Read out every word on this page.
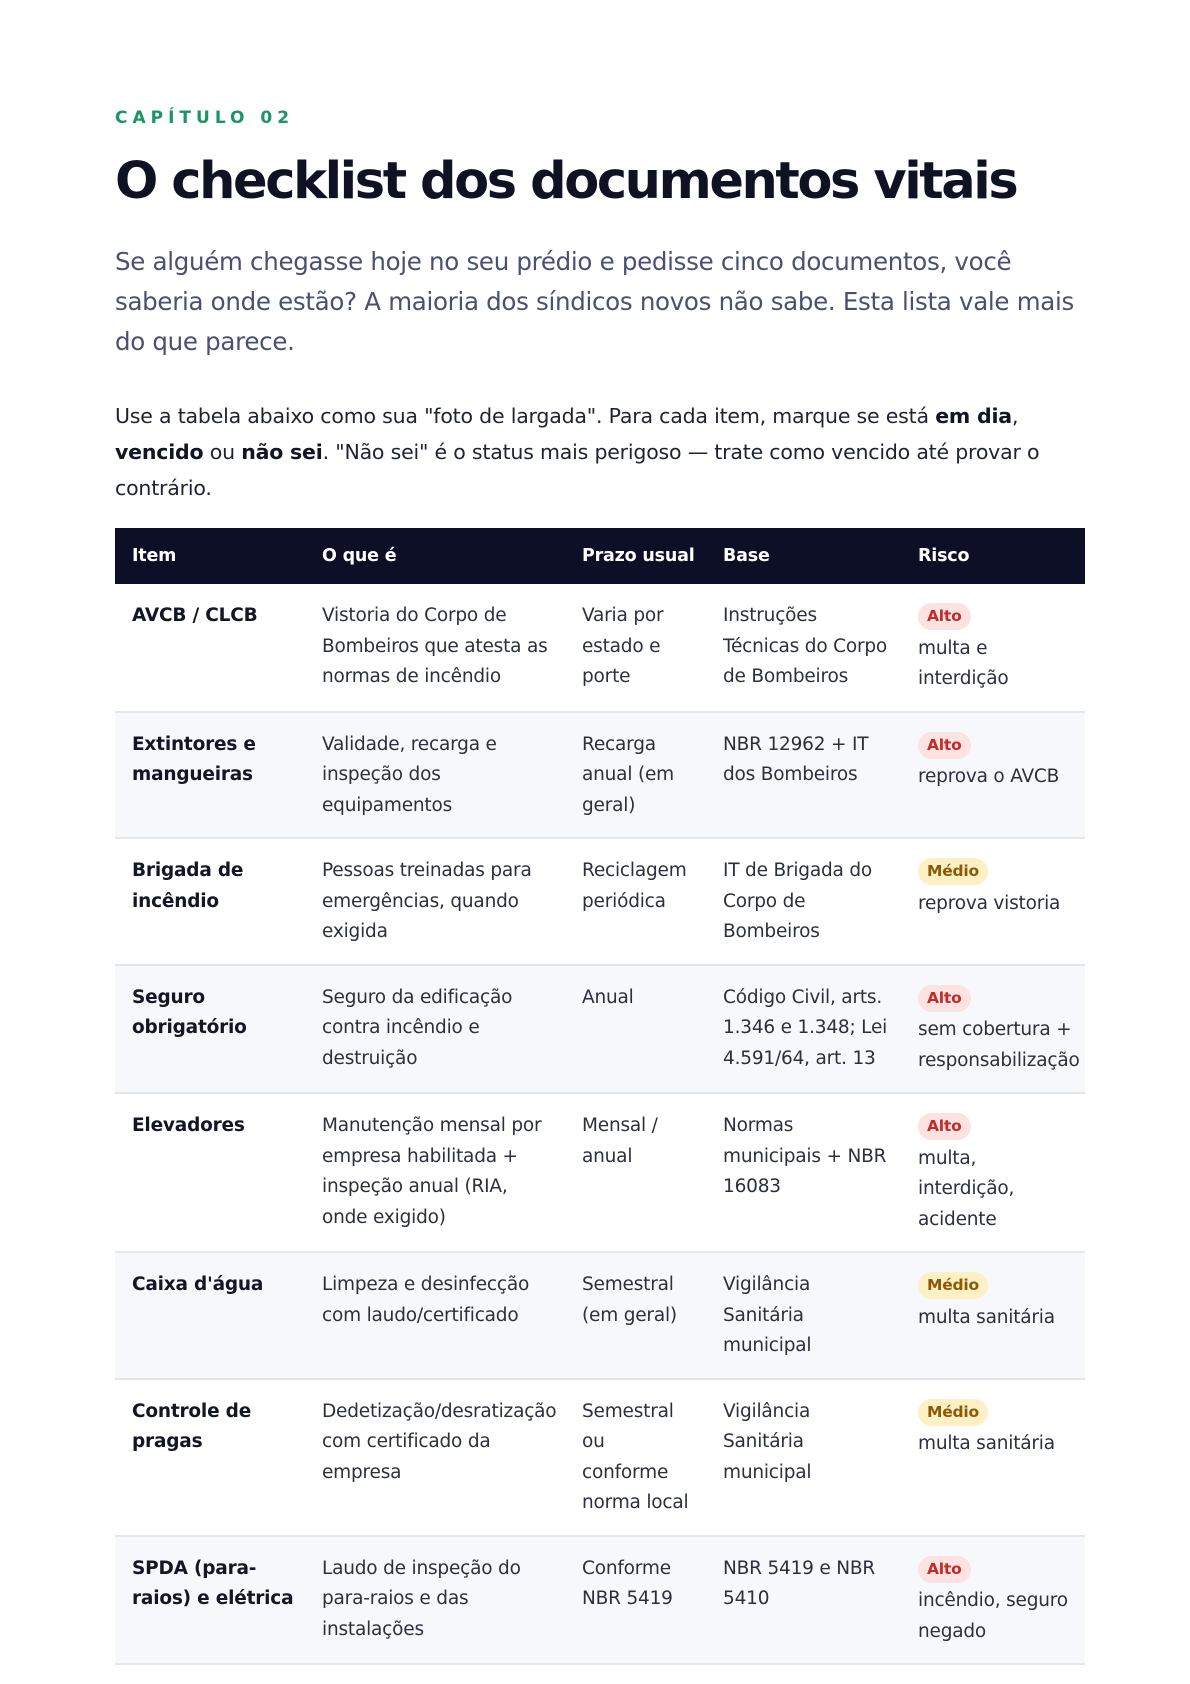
CAPÍTULO 02
O checklist dos documentos vitais

Se alguém chegasse hoje no seu prédio e pedisse cinco documentos, você saberia onde estão? A maioria dos síndicos novos não sabe. Esta lista vale mais do que parece.

Use a tabela abaixo como sua "foto de largada". Para cada item, marque se está em dia, vencido ou não sei. "Não sei" é o status mais perigoso — trate como vencido até provar o contrário.

Item	O que é	Prazo usual	Base	Risco
AVCB / CLCB	Vistoria do Corpo de Bombeiros que atesta as normas de incêndio	Varia por estado e porte	Instruções Técnicas do Corpo de Bombeiros	Alto
multa e interdição

Extintores e mangueiras	Validade, recarga e inspeção dos equipamentos	Recarga anual (em geral)	NBR 12962 + IT dos Bombeiros	Alto
reprova o AVCB

Brigada de incêndio	Pessoas treinadas para emergências, quando exigida	Reciclagem periódica	IT de Brigada do Corpo de Bombeiros	Médio
reprova vistoria

Seguro obrigatório	Seguro da edificação contra incêndio e destruição	Anual	Código Civil, arts. 1.346 e 1.348; Lei 4.591/64, art. 13	Alto
sem cobertura + responsabilização

Elevadores	Manutenção mensal por empresa habilitada + inspeção anual (RIA, onde exigido)	Mensal / anual	Normas municipais + NBR 16083	Alto
multa, interdição, acidente

Caixa d'água	Limpeza e desinfecção com laudo/certificado	Semestral (em geral)	Vigilância Sanitária municipal	Médio
multa sanitária

Controle de pragas	Dedetização/desratização com certificado da empresa	Semestral ou conforme norma local	Vigilância Sanitária municipal	Médio
multa sanitária

SPDA (para-raios) e elétrica	Laudo de inspeção do para-raios e das instalações	Conforme NBR 5419	NBR 5419 e NBR 5410	Alto
incêndio, seguro negado
